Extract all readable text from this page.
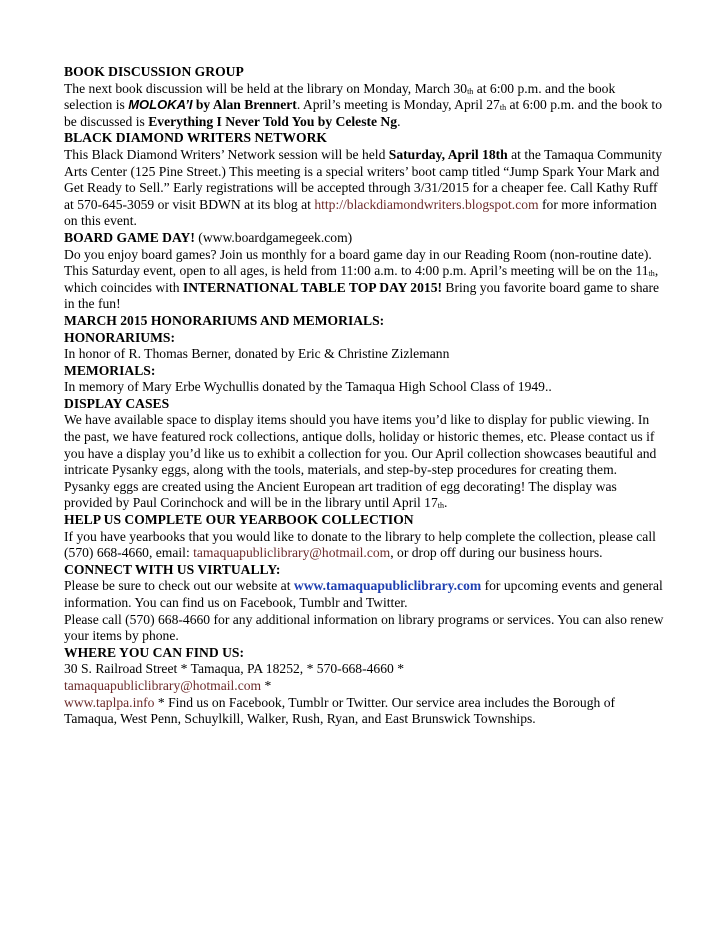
BOOK DISCUSSION GROUP

The next book discussion will be held at the library on Monday, March 30th at 6:00 p.m. and the book selection is MOLOKA’I by Alan Brennert. April’s meeting is Monday, April 27th at 6:00 p.m. and the book to be discussed is Everything I Never Told You by Celeste Ng.

BLACK DIAMOND WRITERS NETWORK

This Black Diamond Writers’ Network session will be held Saturday, April 18th at the Tamaqua Community Arts Center (125 Pine Street.) This meeting is a special writers’ boot camp titled “Jump Spark Your Mark and Get Ready to Sell.” Early registrations will be accepted through 3/31/2015 for a cheaper fee. Call Kathy Ruff at 570-645-3059 or visit BDWN at its blog at http://blackdiamondwriters.blogspot.com for more information on this event.

BOARD GAME DAY! (www.boardgamegeek.com)

Do you enjoy board games? Join us monthly for a board game day in our Reading Room (non-routine date). This Saturday event, open to all ages, is held from 11:00 a.m. to 4:00 p.m. April’s meeting will be on the 11th,

which coincides with INTERNATIONAL TABLE TOP DAY 2015! Bring you favorite board game to share in the fun!

MARCH 2015 HONORARIUMS AND MEMORIALS:

HONORARIUMS:

In honor of R. Thomas Berner, donated by Eric & Christine Zizlemann

MEMORIALS:

In memory of Mary Erbe Wychullis donated by the Tamaqua High School Class of 1949..

DISPLAY CASES

We have available space to display items should you have items you’d like to display for public viewing. In the past, we have featured rock collections, antique dolls, holiday or historic themes, etc. Please contact us if you have a display you’d like us to exhibit a collection for you. Our April collection showcases beautiful and intricate Pysanky eggs, along with the tools, materials, and step-by-step procedures for creating them. Pysanky eggs are created using the Ancient European art tradition of egg decorating! The display was provided by Paul Corinchock and will be in the library until April 17th.

HELP US COMPLETE OUR YEARBOOK COLLECTION

If you have yearbooks that you would like to donate to the library to help complete the collection, please call (570) 668-4660, email: tamaquapubliclibrary@hotmail.com, or drop off during our business hours.

CONNECT WITH US VIRTUALLY:

Please be sure to check out our website at www.tamaquapubliclibrary.com for upcoming events and general information. You can find us on Facebook, Tumblr and Twitter.

Please call (570) 668-4660 for any additional information on library programs or services. You can also renew your items by phone.

WHERE YOU CAN FIND US:

30 S. Railroad Street * Tamaqua, PA 18252, * 570-668-4660 *

tamaquapubliclibrary@hotmail.com *

www.taplpa.info * Find us on Facebook, Tumblr or Twitter. Our service area includes the Borough of Tamaqua, West Penn, Schuylkill, Walker, Rush, Ryan, and East Brunswick Townships.
